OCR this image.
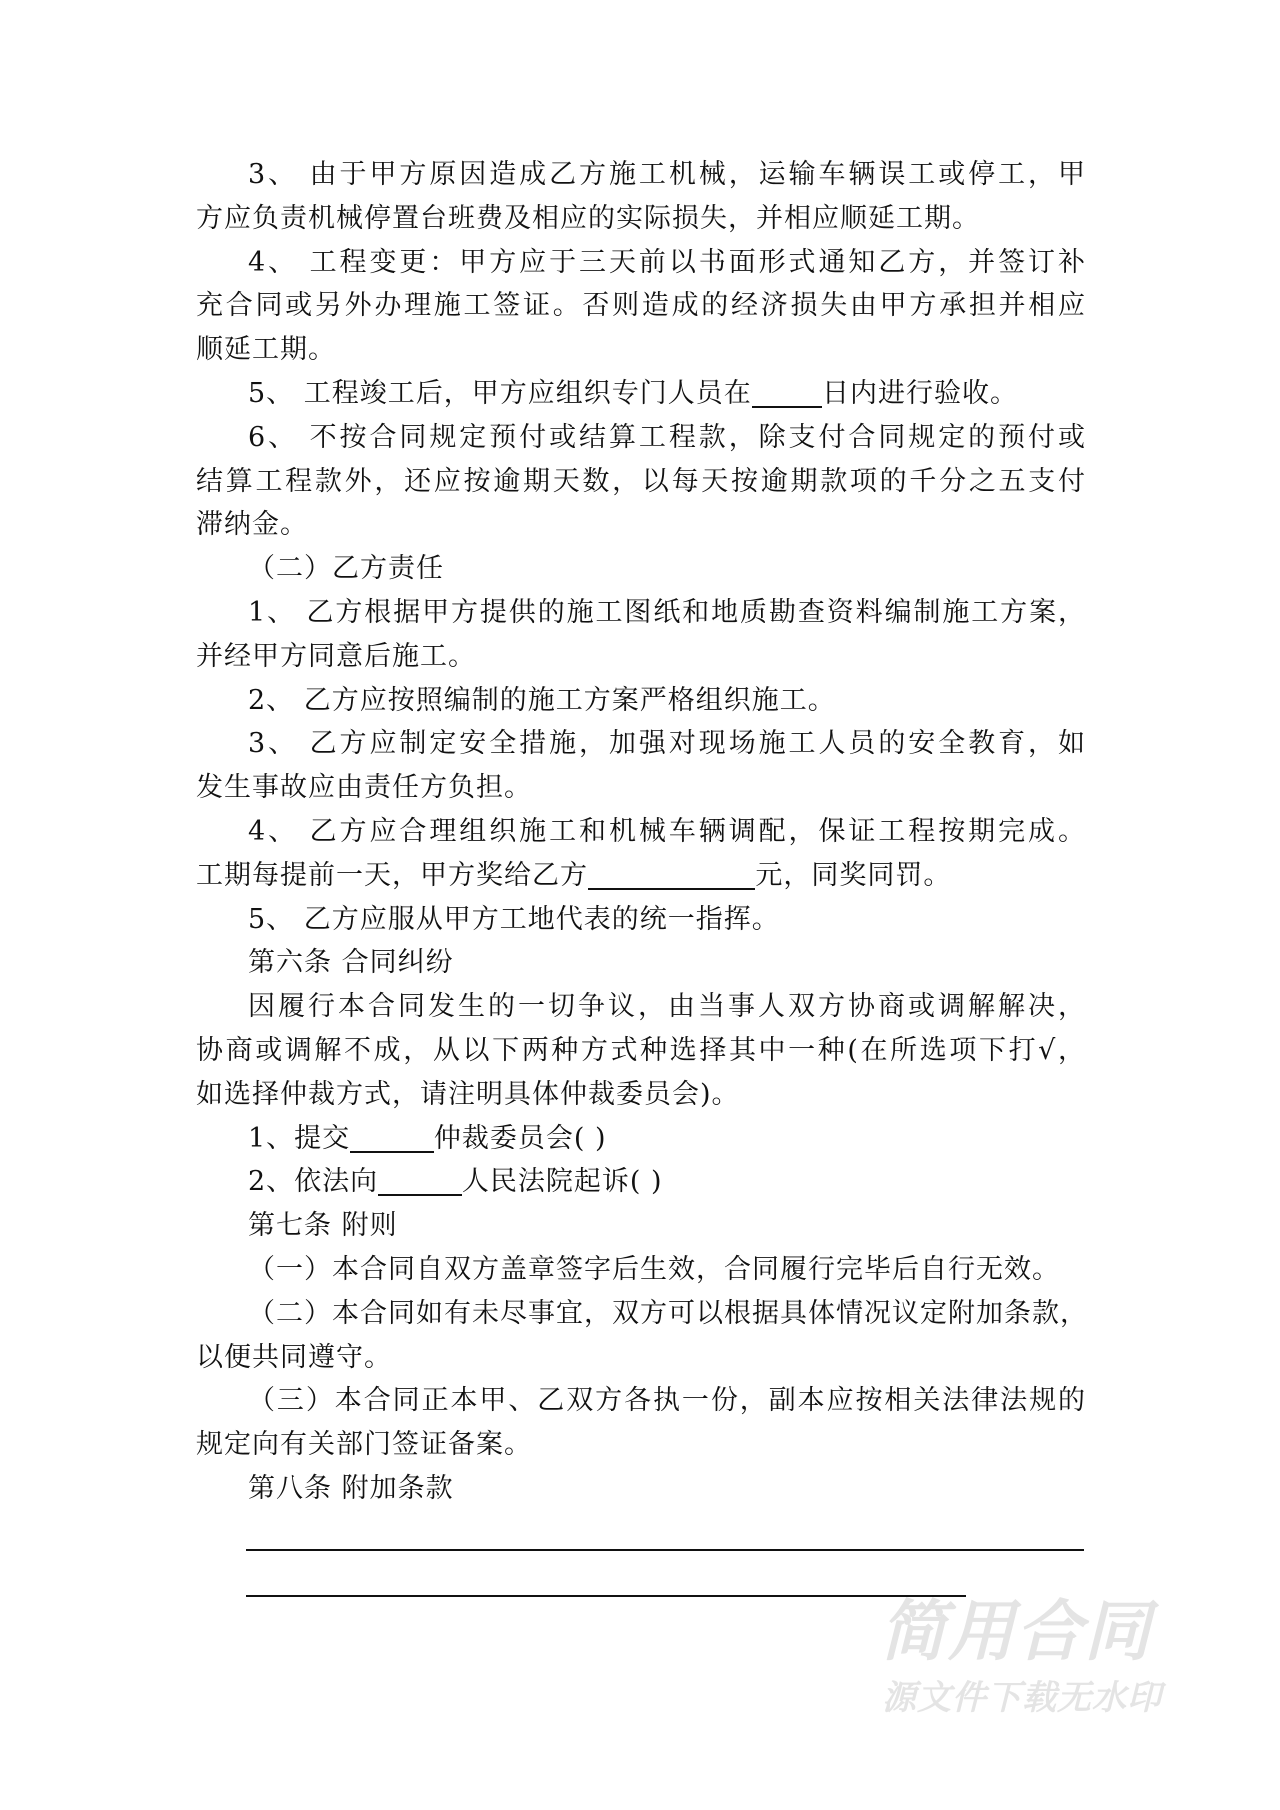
3、 由于甲方原因造成乙方施工机械，运输车辆误工或停工，甲
方应负责机械停置台班费及相应的实际损失，并相应顺延工期。
4、 工程变更：甲方应于三天前以书面形式通知乙方，并签订补
充合同或另外办理施工签证。否则造成的经济损失由甲方承担并相应
顺延工期。
5、 工程竣工后，甲方应组织专门人员在	日内进行验收。
6、 不按合同规定预付或结算工程款，除支付合同规定的预付或
结算工程款外，还应按逾期天数，以每天按逾期款项的千分之五支付
滞纳金。
（二）乙方责任
1、 乙方根据甲方提供的施工图纸和地质勘查资料编制施工方案，
并经甲方同意后施工。
2、 乙方应按照编制的施工方案严格组织施工。
3、 乙方应制定安全措施，加强对现场施工人员的安全教育，如
发生事故应由责任方负担。
4、 乙方应合理组织施工和机械车辆调配，保证工程按期完成。
工期每提前一天，甲方奖给乙方	元，同奖同罚。
5、 乙方应服从甲方工地代表的统一指挥。
第六条 合同纠纷
因履行本合同发生的一切争议，由当事人双方协商或调解解决，
协商或调解不成，从以下两种方式种选择其中一种(在所选项下打√，
如选择仲裁方式，请注明具体仲裁委员会)。
1、提交	仲裁委员会( )
2、依法向	人民法院起诉( )
第七条 附则
（一）本合同自双方盖章签字后生效，合同履行完毕后自行无效。
（二）本合同如有未尽事宜，双方可以根据具体情况议定附加条款，
以便共同遵守。
（三）本合同正本甲、乙双方各执一份，副本应按相关法律法规的
规定向有关部门签证备案。
第八条 附加条款
简用合同
源文件下载无水印
